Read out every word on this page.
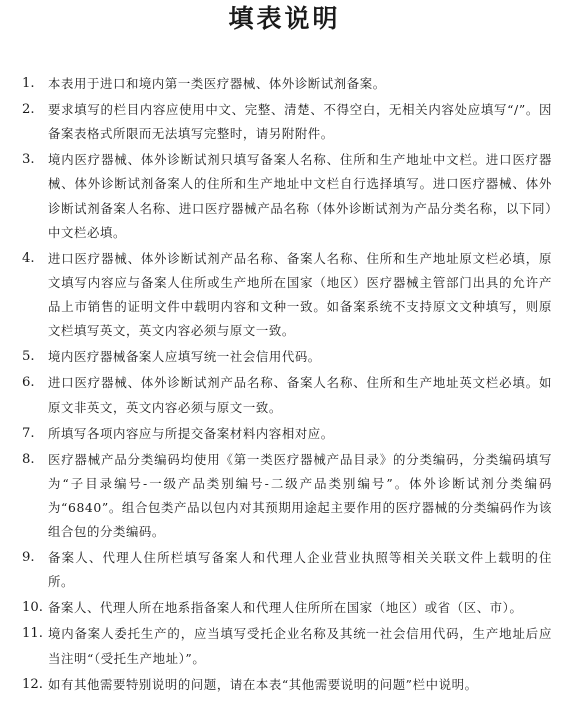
填表说明
1.	本表用于进口和境内第一类医疗器械、体外诊断试剂备案。
2.	要求填写的栏目内容应使用中文、完整、清楚、不得空白，无相关内容处应填写“/”。因备案表格式所限而无法填写完整时，请另附附件。
3.	境内医疗器械、体外诊断试剂只填写备案人名称、住所和生产地址中文栏。进口医疗器械、体外诊断试剂备案人的住所和生产地址中文栏自行选择填写。进口医疗器械、体外诊断试剂备案人名称、进口医疗器械产品名称（体外诊断试剂为产品分类名称，以下同）中文栏必填。
4.	进口医疗器械、体外诊断试剂产品名称、备案人名称、住所和生产地址原文栏必填，原文填写内容应与备案人住所或生产地所在国家（地区）医疗器械主管部门出具的允许产品上市销售的证明文件中载明内容和文种一致。如备案系统不支持原文文种填写，则原文栏填写英文，英文内容必须与原文一致。
5.	境内医疗器械备案人应填写统一社会信用代码。
6.	进口医疗器械、体外诊断试剂产品名称、备案人名称、住所和生产地址英文栏必填。如原文非英文，英文内容必须与原文一致。
7.	所填写各项内容应与所提交备案材料内容相对应。
8.	医疗器械产品分类编码均使用《第一类医疗器械产品目录》的分类编码，分类编码填写为“子目录编号-一级产品类别编号-二级产品类别编号”。体外诊断试剂分类编码为“6840”。组合包类产品以包内对其预期用途起主要作用的医疗器械的分类编码作为该组合包的分类编码。
9.	备案人、代理人住所栏填写备案人和代理人企业营业执照等相关关联文件上载明的住所。
10. 备案人、代理人所在地系指备案人和代理人住所所在国家（地区）或省（区、市）。
11. 境内备案人委托生产的，应当填写受托企业名称及其统一社会信用代码，生产地址后应当注明“（受托生产地址）”。
12. 如有其他需要特别说明的问题，请在本表“其他需要说明的问题”栏中说明。
